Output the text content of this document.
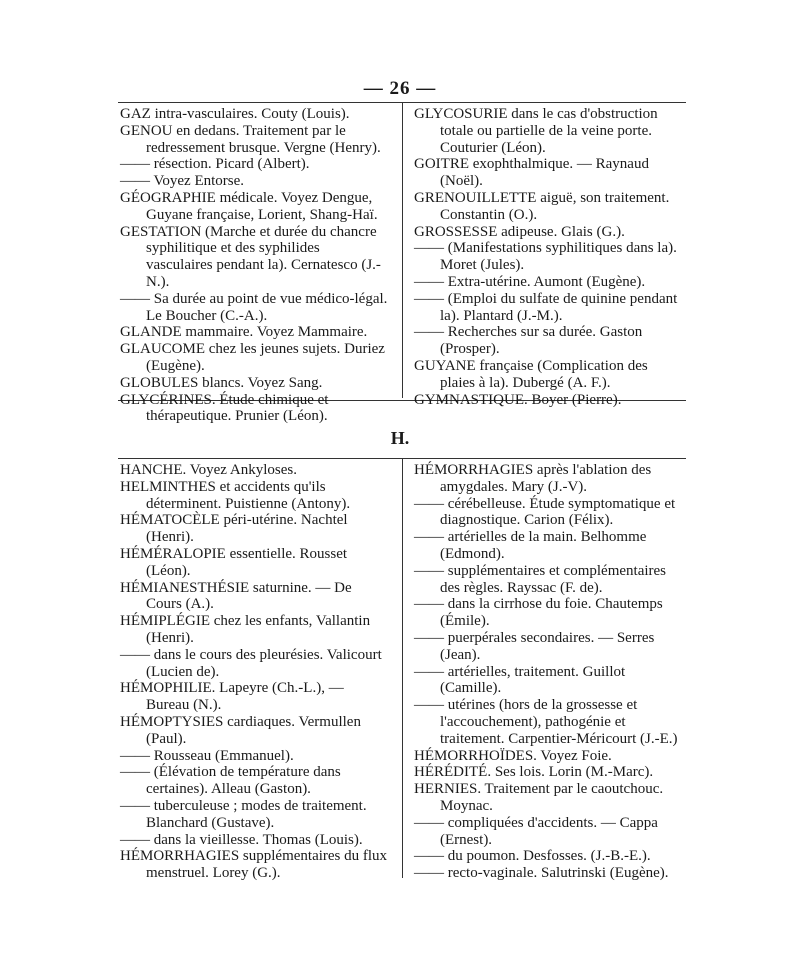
— 26 —
GAZ intra-vasculaires. Couty (Louis).
GENOU en dedans. Traitement par le redressement brusque. Vergne (Henry).
—— résection. Picard (Albert).
—— Voyez Entorse.
GÉOGRAPHIE médicale. Voyez Dengue, Guyane française, Lorient, Shang-Haï.
GESTATION (Marche et durée du chancre syphilitique et des syphilides vasculaires pendant la). Cernatesco (J.-N.).
—— Sa durée au point de vue médico-légal. Le Boucher (C.-A.).
GLANDE mammaire. Voyez Mammaire.
GLAUCOME chez les jeunes sujets. Duriez (Eugène).
GLOBULES blancs. Voyez Sang.
GLYCÉRINES. Étude chimique et thérapeutique. Prunier (Léon).
GLYCOSURIE dans le cas d'obstruction totale ou partielle de la veine porte. Couturier (Léon).
GOITRE exophthalmique. — Raynaud (Noël).
GRENOUILLETTE aiguë, son traitement. Constantin (O.).
GROSSESSE adipeuse. Glais (G.).
—— (Manifestations syphilitiques dans la). Moret (Jules).
—— Extra-utérine. Aumont (Eugène).
—— (Emploi du sulfate de quinine pendant la). Plantard (J.-M.).
—— Recherches sur sa durée. Gaston (Prosper).
GUYANE française (Complication des plaies à la). Dubergé (A. F.).
GYMNASTIQUE. Boyer (Pierre).
H.
HANCHE. Voyez Ankyloses.
HELMINTHES et accidents qu'ils déterminent. Puistienne (Antony).
HÉMATOCÈLE péri-utérine. Nachtel (Henri).
HÉMÉRALOPIE essentielle. Rousset (Léon).
HÉMIANESTHÉSIE saturnine. — De Cours (A.).
HÉMIPLÉGIE chez les enfants, Vallantin (Henri).
—— dans le cours des pleurésies. Valicourt (Lucien de).
HÉMOPHILIE. Lapeyre (Ch.-L.), — Bureau (N.).
HÉMOPTYSIES cardiaques. Vermullen (Paul).
—— Rousseau (Emmanuel).
—— (Élévation de température dans certaines). Alleau (Gaston).
—— tuberculeuse ; modes de traitement. Blanchard (Gustave).
—— dans la vieillesse. Thomas (Louis).
HÉMORRHAGIES supplémentaires du flux menstruel. Lorey (G.).
HÉMORRHAGIES après l'ablation des amygdales. Mary (J.-V).
—— cérébelleuse. Étude symptomatique et diagnostique. Carion (Félix).
—— artérielles de la main. Belhomme (Edmond).
—— supplémentaires et complémentaires des règles. Rayssac (F. de).
—— dans la cirrhose du foie. Chautemps (Émile).
—— puerpérales secondaires. — Serres (Jean).
—— artérielles, traitement. Guillot (Camille).
—— utérines (hors de la grossesse et l'accouchement), pathogénie et traitement. Carpentier-Méricourt (J.-E.)
HÉMORRHOÏDES. Voyez Foie.
HÉRÉDITÉ. Ses lois. Lorin (M.-Marc).
HERNIES. Traitement par le caoutchouc. Moynac.
—— compliquées d'accidents. — Cappa (Ernest).
—— du poumon. Desfosses. (J.-B.-E.).
—— recto-vaginale. Salutrinski (Eugène).
